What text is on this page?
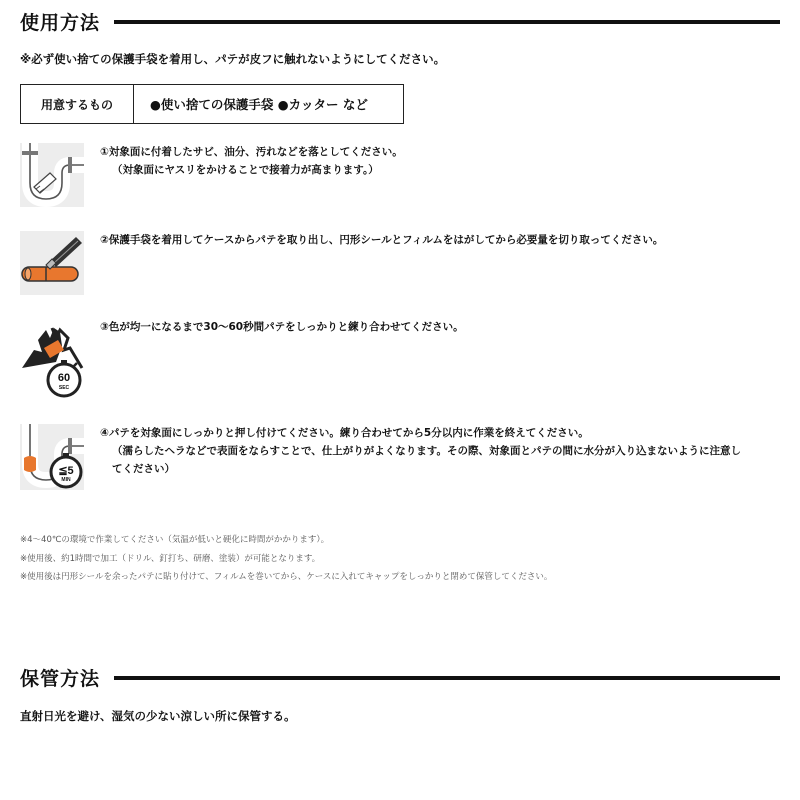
使用方法
※必ず使い捨ての保護手袋を着用し、パテが皮フに触れないようにしてください。
用意するもの	●使い捨ての保護手袋 ●カッター など
①対象面に付着したサビ、油分、汚れなどを落としてください。
（対象面にヤスリをかけることで接着力が高まります。）
②保護手袋を着用してケースからパテを取り出し、円形シールとフィルムをはがしてから必要量を切り取ってください。
60
SEC
③色が均一になるまで30～60秒間パテをしっかりと練り合わせてください。
≦5
MIN
④パテを対象面にしっかりと押し付けてください。練り合わせてから5分以内に作業を終えてください。
（濡らしたヘラなどで表面をならすことで、仕上がりがよくなります。その際、対象面とパテの間に水分が入り込まないように注意し
てください）
※4～40℃の環境で作業してください（気温が低いと硬化に時間がかかります）。
※使用後、約1時間で加工（ドリル、釘打ち、研磨、塗装）が可能となります。
※使用後は円形シールを余ったパテに貼り付けて、フィルムを巻いてから、ケースに入れてキャップをしっかりと閉めて保管してください。
保管方法
直射日光を避け、湿気の少ない涼しい所に保管する。
